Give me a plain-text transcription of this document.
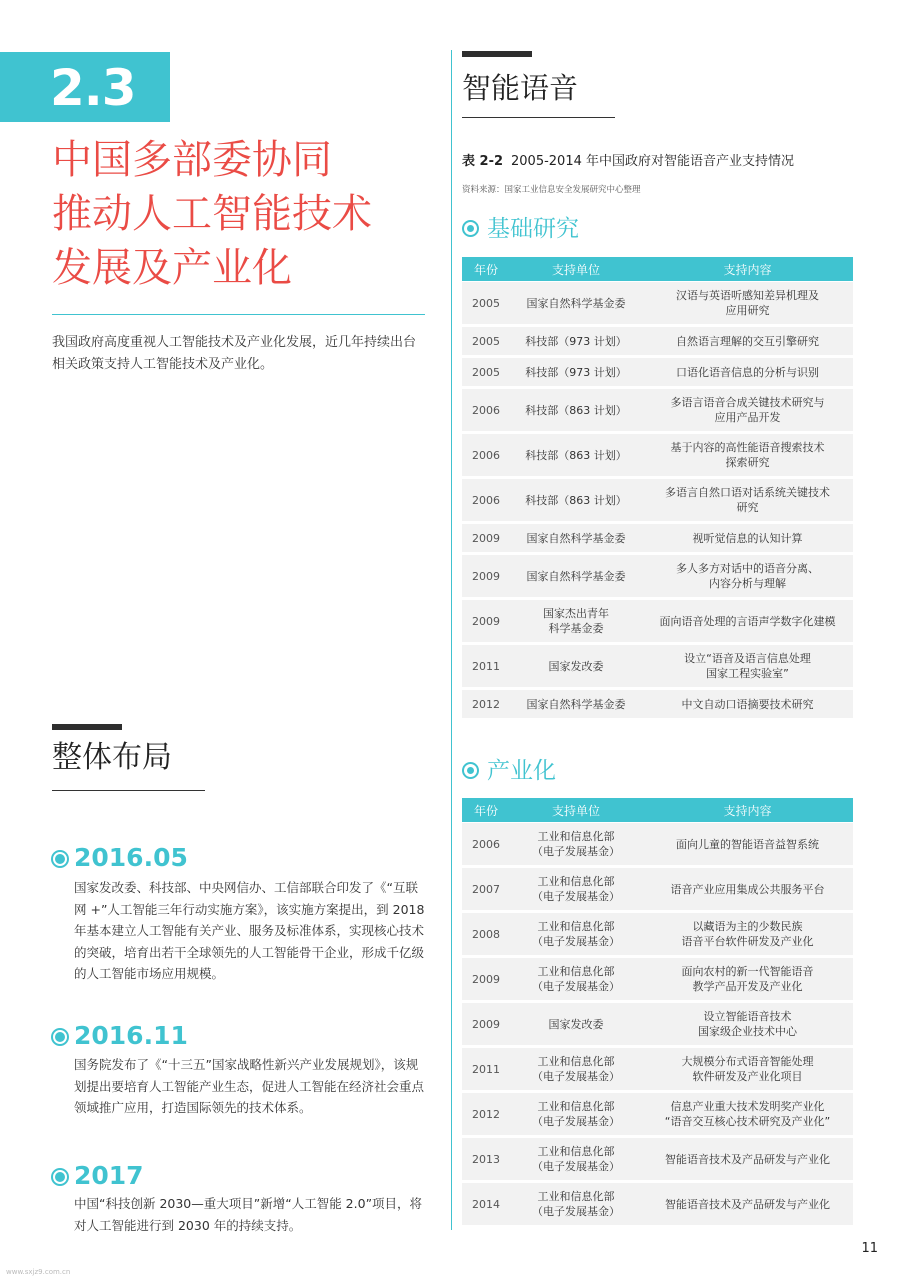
2.3
中国多部委协同
推动人工智能技术
发展及产业化

我国政府高度重视人工智能技术及产业化发展，近几年持续出台相关政策支持人工智能技术及产业化。

整体布局
2016.05

国家发改委、科技部、中央网信办、工信部联合印发了《“互联网 +”人工智能三年行动实施方案》，该实施方案提出，到 2018 年基本建立人工智能有关产业、服务及标准体系，实现核心技术的突破，培育出若干全球领先的人工智能骨干企业，形成千亿级的人工智能市场应用规模。

2016.11

国务院发布了《“十三五”国家战略性新兴产业发展规划》，该规划提出要培育人工智能产业生态，促进人工智能在经济社会重点领域推广应用，打造国际领先的技术体系。

2017

中国“科技创新 2030—重大项目”新增“人工智能 2.0”项目，将对人工智能进行到 2030 年的持续支持。

智能语音
表 2-2 2005-2014 年中国政府对智能语音产业支持情况
资料来源：国家工业信息安全发展研究中心整理
基础研究
年份	支持单位	支持内容
2005	国家自然科学基金委	汉语与英语听感知差异机理及
应用研究
2005	科技部（973 计划）	自然语言理解的交互引擎研究
2005	科技部（973 计划）	口语化语音信息的分析与识别
2006	科技部（863 计划）	多语言语音合成关键技术研究与
应用产品开发
2006	科技部（863 计划）	基于内容的高性能语音搜索技术
探索研究
2006	科技部（863 计划）	多语言自然口语对话系统关键技术
研究
2009	国家自然科学基金委	视听觉信息的认知计算
2009	国家自然科学基金委	多人多方对话中的语音分离、
内容分析与理解
2009	国家杰出青年
科学基金委	面向语音处理的言语声学数字化建模
2011	国家发改委	设立“语音及语言信息处理
国家工程实验室”
2012	国家自然科学基金委	中文自动口语摘要技术研究
产业化
年份	支持单位	支持内容
2006	工业和信息化部
（电子发展基金）	面向儿童的智能语音益智系统
2007	工业和信息化部
（电子发展基金）	语音产业应用集成公共服务平台
2008	工业和信息化部
（电子发展基金）	以藏语为主的少数民族
语音平台软件研发及产业化
2009	工业和信息化部
（电子发展基金）	面向农村的新一代智能语音
教学产品开发及产业化
2009	国家发改委	设立智能语音技术
国家级企业技术中心
2011	工业和信息化部
（电子发展基金）	大规模分布式语音智能处理
软件研发及产业化项目
2012	工业和信息化部
（电子发展基金）	信息产业重大技术发明奖产业化
“语音交互核心技术研究及产业化”
2013	工业和信息化部
（电子发展基金）	智能语音技术及产品研发与产业化
2014	工业和信息化部
（电子发展基金）	智能语音技术及产品研发与产业化
11
www.sxjz9.com.cn
